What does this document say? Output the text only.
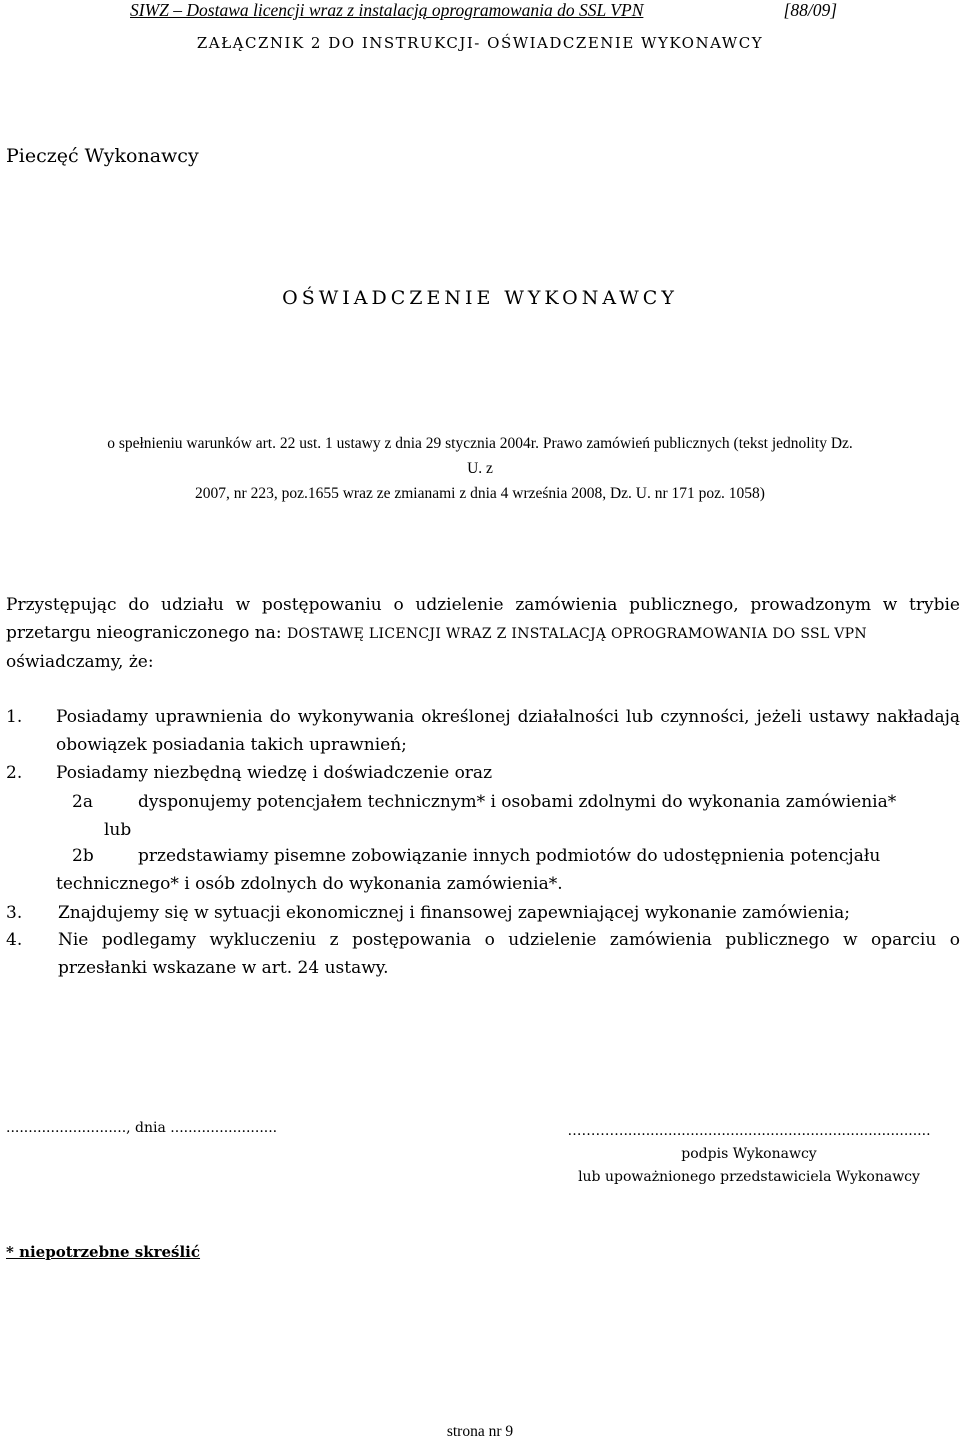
SIWZ – Dostawa licencji wraz z instalacją oprogramowania do SSL VPN	[88/09]
ZAŁĄCZNIK 2 DO INSTRUKCJI- OŚWIADCZENIE WYKONAWCY
Pieczęć Wykonawcy
OŚWIADCZENIE WYKONAWCY
o spełnieniu warunków art. 22 ust. 1 ustawy z dnia 29 stycznia 2004r. Prawo zamówień publicznych (tekst jednolity Dz. U. z
2007, nr 223, poz.1655 wraz ze zmianami z dnia 4 września 2008, Dz. U. nr 171 poz. 1058)
Przystępując do udziału w postępowaniu o udzielenie zamówienia publicznego, prowadzonym w trybie przetargu nieograniczonego na: DOSTAWĘ LICENCJI WRAZ Z INSTALACJĄ OPROGRAMOWANIA DO SSL VPN
oświadczamy, że:
1. Posiadamy uprawnienia do wykonywania określonej działalności lub czynności, jeżeli ustawy nakładają obowiązek posiadania takich uprawnień;
2. Posiadamy niezbędną wiedzę i doświadczenie oraz
2a	dysponujemy potencjałem technicznym* i osobami zdolnymi do wykonania zamówienia*
lub
2b	przedstawiamy pisemne zobowiązanie innych podmiotów do udostępnienia potencjału
technicznego* i osób zdolnych do wykonania zamówienia*.
3. Znajdujemy się w sytuacji ekonomicznej i finansowej zapewniającej wykonanie zamówienia;
4. Nie podlegamy wykluczeniu z postępowania o udzielenie zamówienia publicznego w oparciu o przesłanki wskazane w art. 24 ustawy.
..........................., dnia ........................	………….....................................................................
podpis Wykonawcy
lub upoważnionego przedstawiciela Wykonawcy
* niepotrzebne skreślić
strona nr 9
